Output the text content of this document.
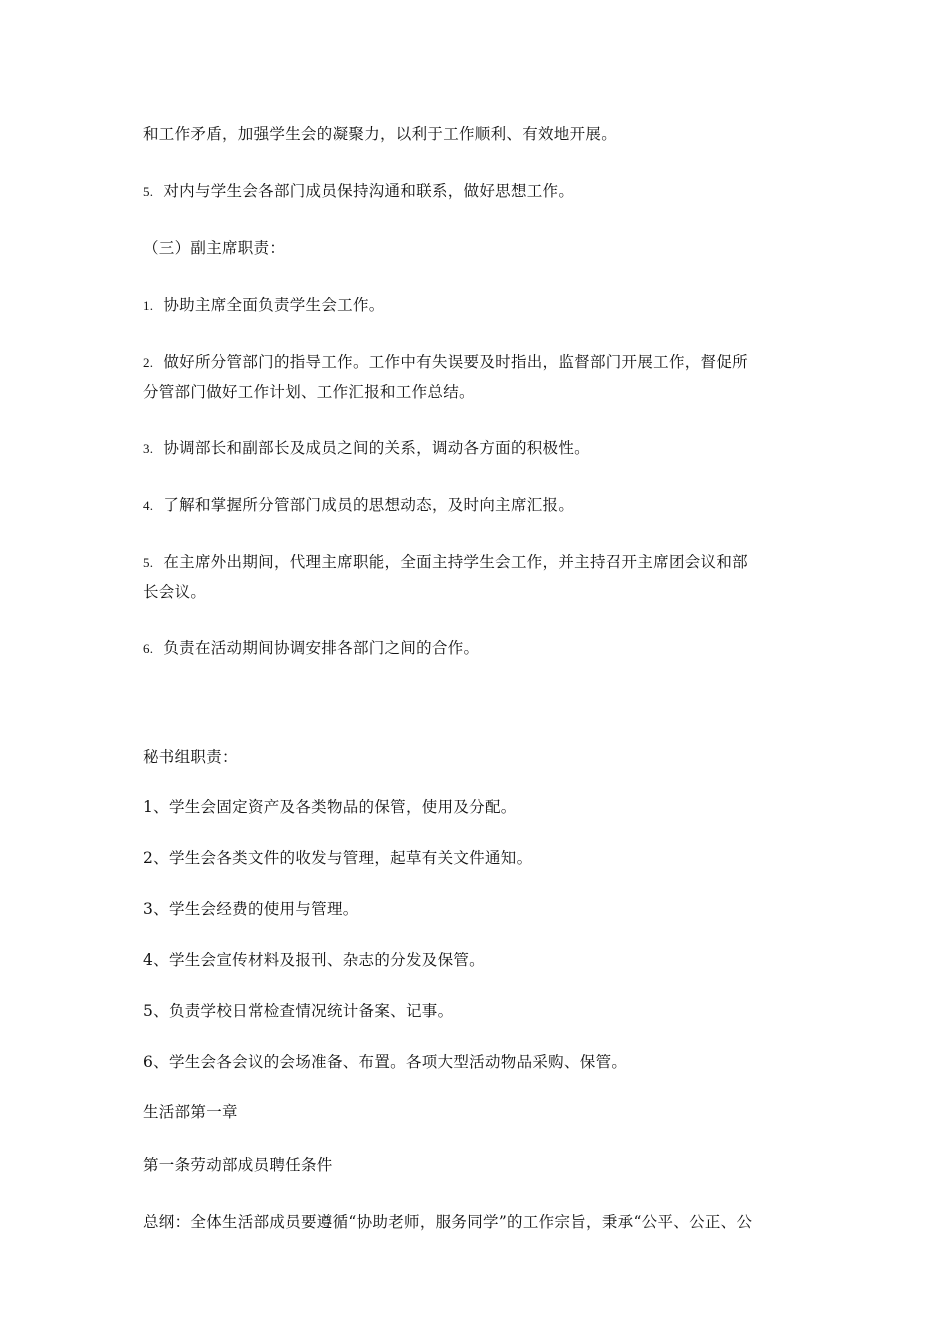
和工作矛盾，加强学生会的凝聚力，以利于工作顺利、有效地开展。
5. 对内与学生会各部门成员保持沟通和联系，做好思想工作。
（三）副主席职责：
1. 协助主席全面负责学生会工作。
2. 做好所分管部门的指导工作。工作中有失误要及时指出，监督部门开展工作，督促所
分管部门做好工作计划、工作汇报和工作总结。
3. 协调部长和副部长及成员之间的关系，调动各方面的积极性。
4. 了解和掌握所分管部门成员的思想动态，及时向主席汇报。
5. 在主席外出期间，代理主席职能，全面主持学生会工作，并主持召开主席团会议和部
长会议。
6. 负责在活动期间协调安排各部门之间的合作。
秘书组职责：
1、学生会固定资产及各类物品的保管，使用及分配。
2、学生会各类文件的收发与管理，起草有关文件通知。
3、学生会经费的使用与管理。
4、学生会宣传材料及报刊、杂志的分发及保管。
5、负责学校日常检查情况统计备案、记事。
6、学生会各会议的会场准备、布置。各项大型活动物品采购、保管。
生活部第一章
第一条劳动部成员聘任条件
总纲：全体生活部成员要遵循“协助老师，服务同学”的工作宗旨，秉承“公平、公正、公
